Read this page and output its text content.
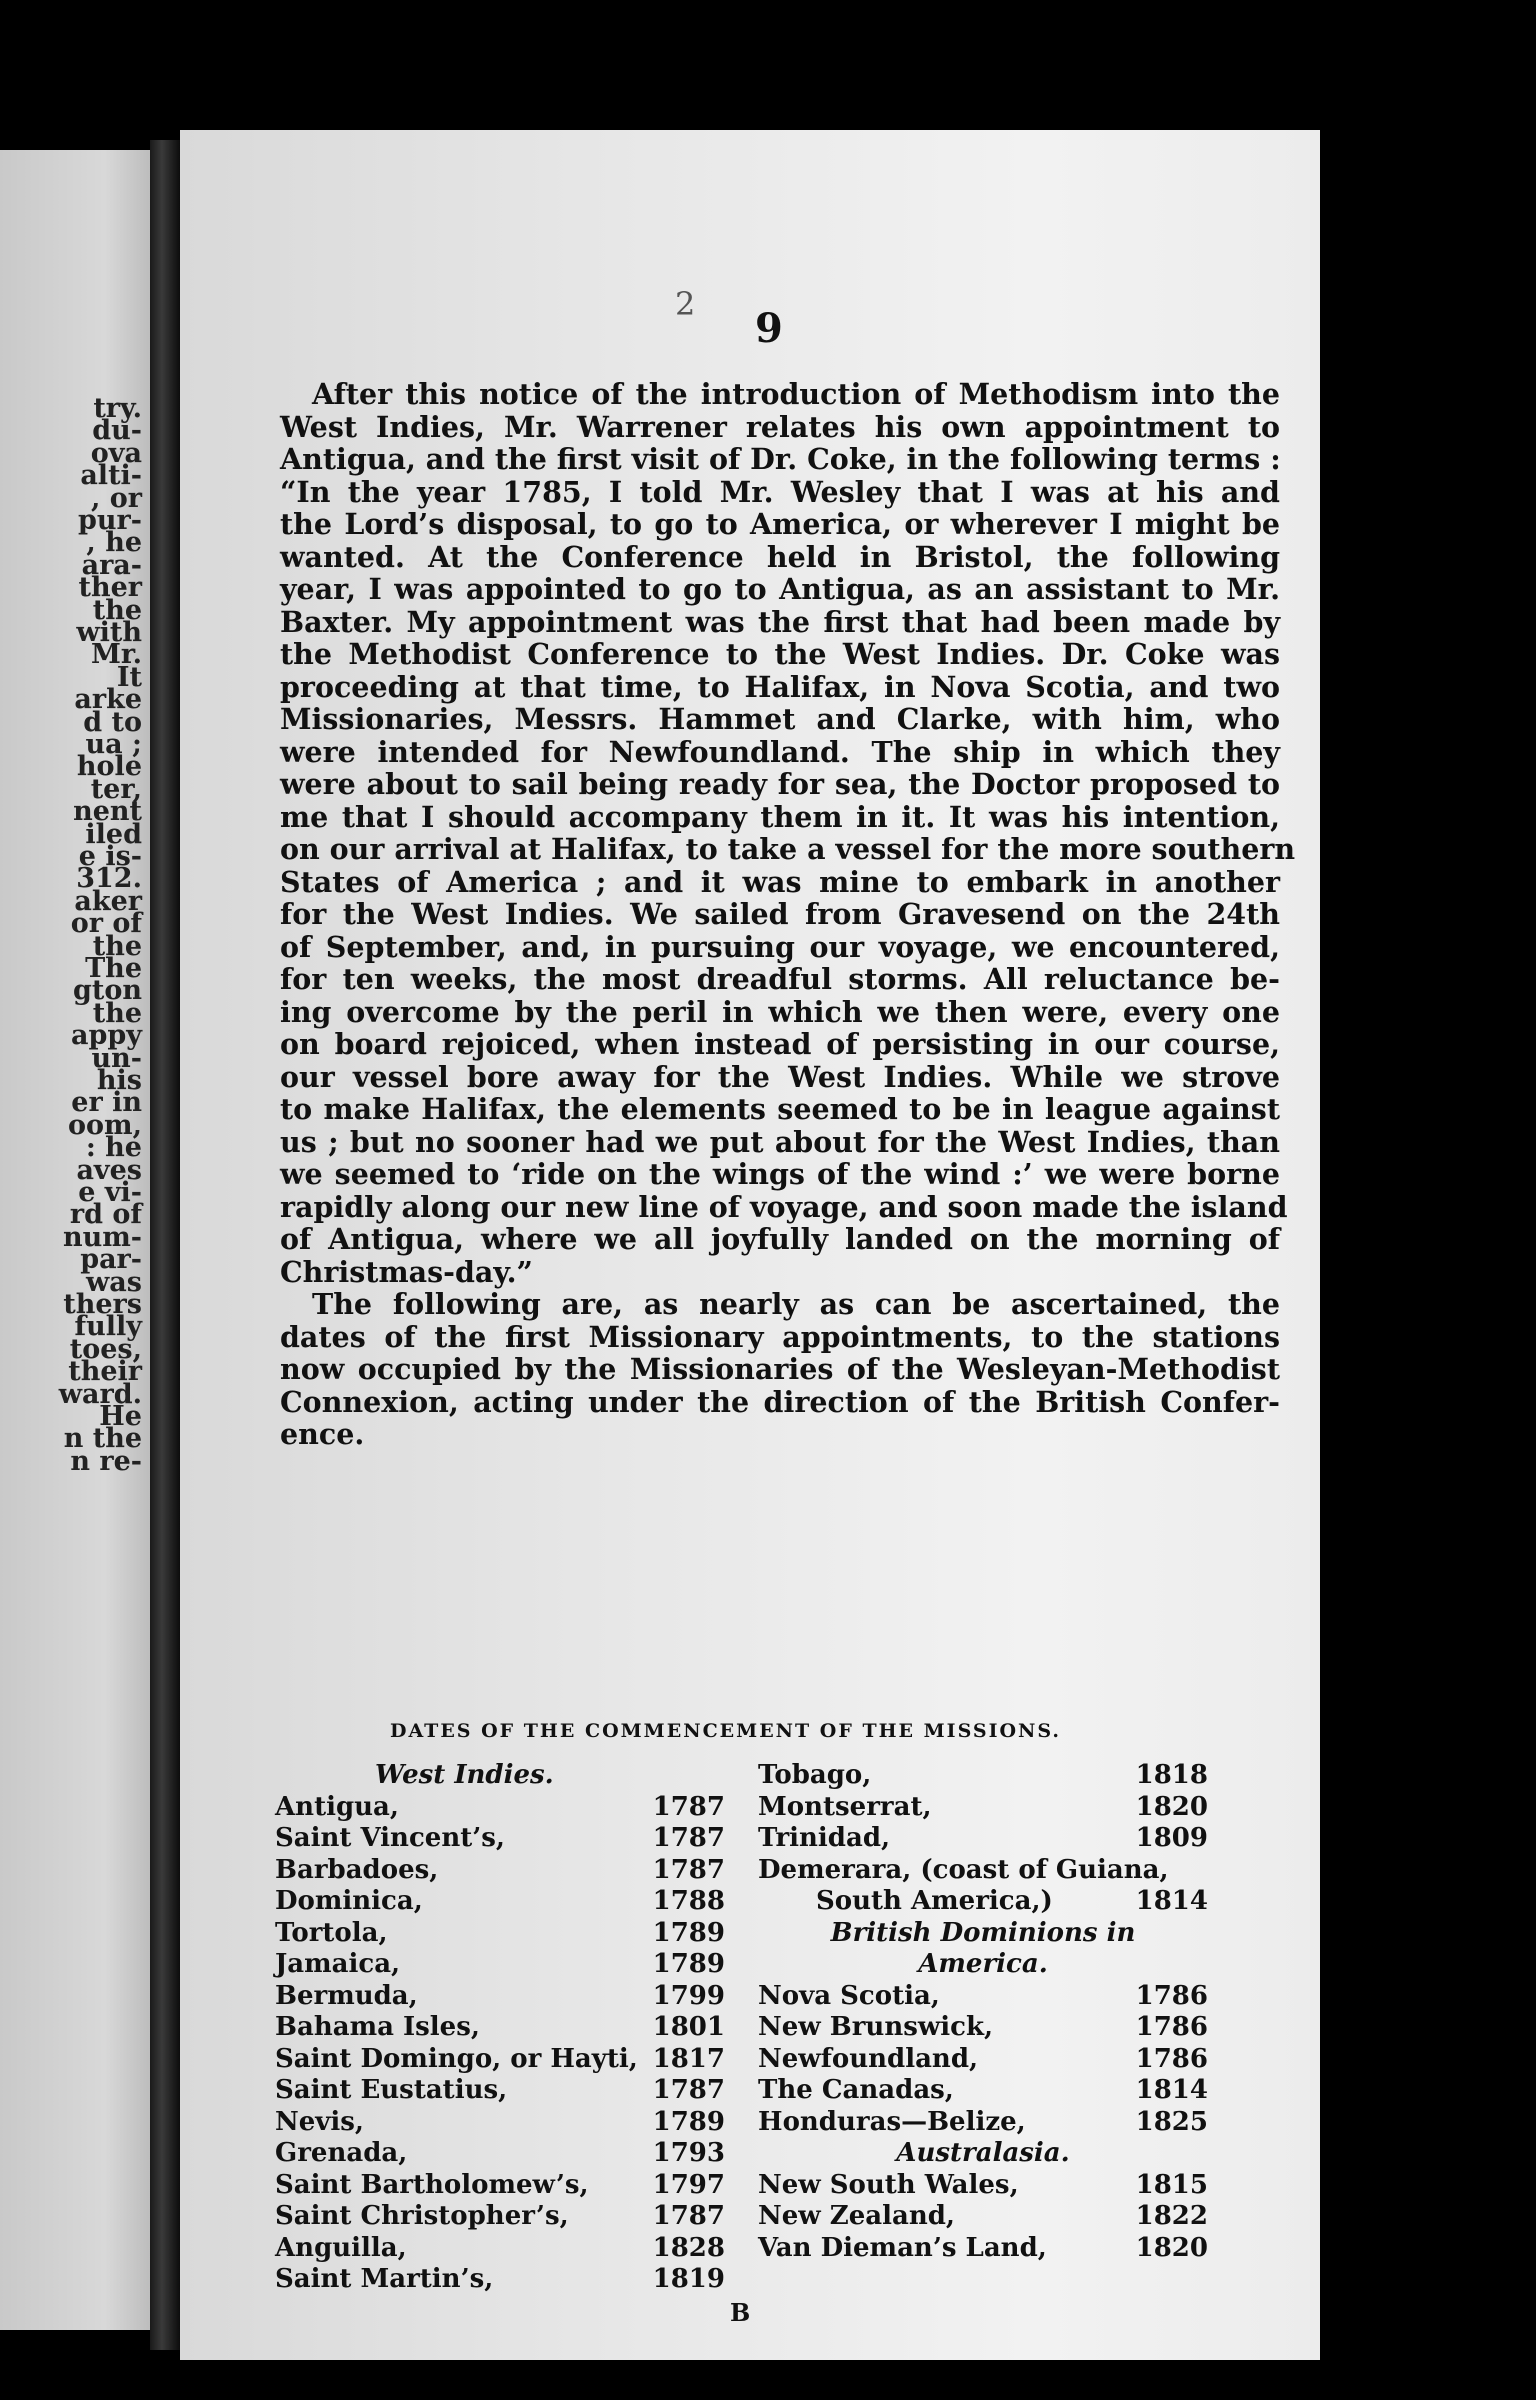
try.
du-
ova
alti-
, or
pur-
, he
ara-
ther
the
with
Mr.
It
arke
d to
ua ;
hole
ter,
nent
iled
e is-
312.
aker
or of
the
The
gton
the
appy
un-
his
er in
oom,
: he
aves
e vi-
rd of
num-
par-
was
thers
fully
toes,
their
ward.
He
n the
n re-
2
9
After this notice of the introduction of Methodism into the
West Indies, Mr. Warrener relates his own appointment to
Antigua, and the first visit of Dr. Coke, in the following terms :
“In the year 1785, I told Mr. Wesley that I was at his and
the Lord’s disposal, to go to America, or wherever I might be
wanted. At the Conference held in Bristol, the following
year, I was appointed to go to Antigua, as an assistant to Mr.
Baxter. My appointment was the first that had been made by
the Methodist Conference to the West Indies. Dr. Coke was
proceeding at that time, to Halifax, in Nova Scotia, and two
Missionaries, Messrs. Hammet and Clarke, with him, who
were intended for Newfoundland. The ship in which they
were about to sail being ready for sea, the Doctor proposed to
me that I should accompany them in it. It was his intention,
on our arrival at Halifax, to take a vessel for the more southern
States of America ; and it was mine to embark in another
for the West Indies. We sailed from Gravesend on the 24th
of September, and, in pursuing our voyage, we encountered,
for ten weeks, the most dreadful storms. All reluctance be-
ing overcome by the peril in which we then were, every one
on board rejoiced, when instead of persisting in our course,
our vessel bore away for the West Indies. While we strove
to make Halifax, the elements seemed to be in league against
us ; but no sooner had we put about for the West Indies, than
we seemed to ‘ride on the wings of the wind :’ we were borne
rapidly along our new line of voyage, and soon made the island
of Antigua, where we all joyfully landed on the morning of
Christmas-day.”
The following are, as nearly as can be ascertained, the
dates of the first Missionary appointments, to the stations
now occupied by the Missionaries of the Wesleyan-Methodist
Connexion, acting under the direction of the British Confer-
ence.
DATES OF THE COMMENCEMENT OF THE MISSIONS.
West Indies.
Antigua,	1787
Saint Vincent’s,	1787
Barbadoes,	1787
Dominica,	1788
Tortola,	1789
Jamaica,	1789
Bermuda,	1799
Bahama Isles,	1801
Saint Domingo, or Hayti, 1817
Saint Eustatius,	1787
Nevis,	1789
Grenada,	1793
Saint Bartholomew’s, 1797
Saint Christopher’s,	1787
Anguilla,	1828
Saint Martin’s,	1819
Tobago,	1818
Montserrat,	1820
Trinidad,	1809
Demerara, (coast of Guiana,
South America,)	1814
British Dominions in
America.
Nova Scotia,	1786
New Brunswick,	1786
Newfoundland,	1786
The Canadas,	1814
Honduras—Belize,	1825
Australasia.
New South Wales,	1815
New Zealand,	1822
Van Dieman’s Land,	1820
B
